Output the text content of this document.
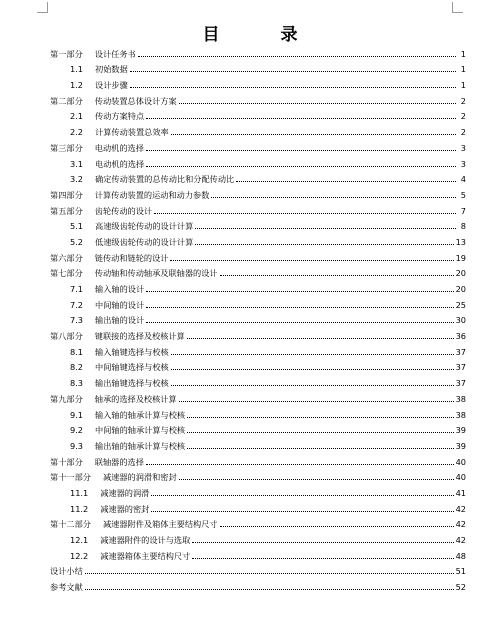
目　录
第一部分 设计任务书	1
1.1 初始数据	1
1.2 设计步骤	1
第二部分 传动装置总体设计方案	2
2.1 传动方案特点	2
2.2 计算传动装置总效率	2
第三部分 电动机的选择	3
3.1 电动机的选择	3
3.2 确定传动装置的总传动比和分配传动比	4
第四部分 计算传动装置的运动和动力参数	5
第五部分 齿轮传动的设计	7
5.1 高速级齿轮传动的设计计算	8
5.2 低速级齿轮传动的设计计算	13
第六部分 链传动和链轮的设计	19
第七部分 传动轴和传动轴承及联轴器的设计	20
7.1 输入轴的设计	20
7.2 中间轴的设计	25
7.3 输出轴的设计	30
第八部分 键联接的选择及校核计算	36
8.1 输入轴键选择与校核	37
8.2 中间轴键选择与校核	37
8.3 输出轴键选择与校核	37
第九部分 轴承的选择及校核计算	38
9.1 输入轴的轴承计算与校核	38
9.2 中间轴的轴承计算与校核	39
9.3 输出轴的轴承计算与校核	39
第十部分 联轴器的选择	40
第十一部分 减速器的润滑和密封	40
11.1 减速器的润滑	41
11.2 减速器的密封	42
第十二部分 减速器附件及箱体主要结构尺寸	42
12.1 减速器附件的设计与选取	42
12.2 减速器箱体主要结构尺寸	48
设计小结	51
参考文献	52
